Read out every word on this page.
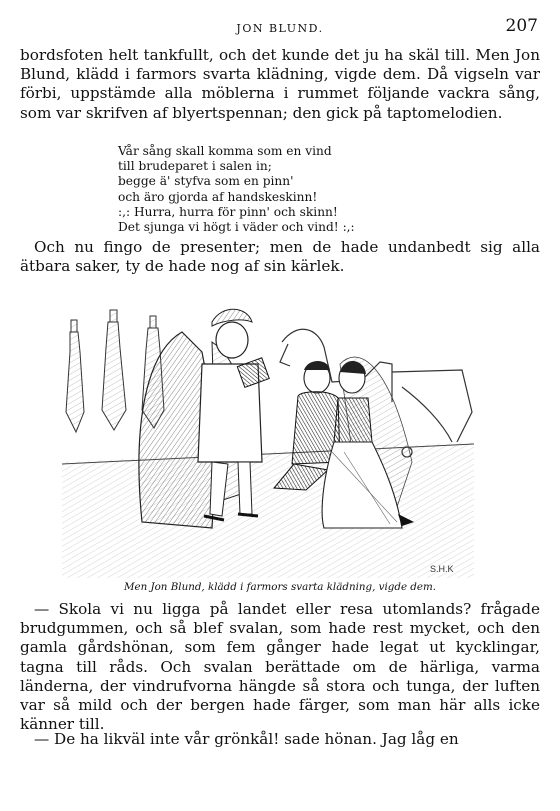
JON BLUND.	207

bordsfoten helt tankfullt, och det kunde det ju ha skäl till. Men Jon Blund, klädd i farmors svarta klädning, vigde dem. Då vigseln var förbi, uppstämde alla möblerna i rummet följande vackra sång, som var skrifven af blyertspennan; den gick på taptomelodien.

Vår sång skall komma som en vind
till brudeparet i salen in;
begge ä' styfva som en pinn'
och äro gjorda af handskeskinn!
:,: Hurra, hurra för pinn' och skinn!
Det sjunga vi högt i väder och vind! :,:

Och nu fingo de presenter; men de hade undanbedt sig alla ätbara saker, ty de hade nog af sin kärlek.

S.H.K
Men Jon Blund, klädd i farmors svarta klädning, vigde dem.

— Skola vi nu ligga på landet eller resa utomlands? frågade brudgummen, och så blef svalan, som hade rest mycket, och den gamla gårdshönan, som fem gånger hade legat ut kycklingar, tagna till råds. Och svalan berättade om de härliga, varma länderna, der vindrufvorna hängde så stora och tunga, der luften var så mild och der bergen hade färger, som man här alls icke känner till.

— De ha likväl inte vår grönkål! sade hönan. Jag låg en
